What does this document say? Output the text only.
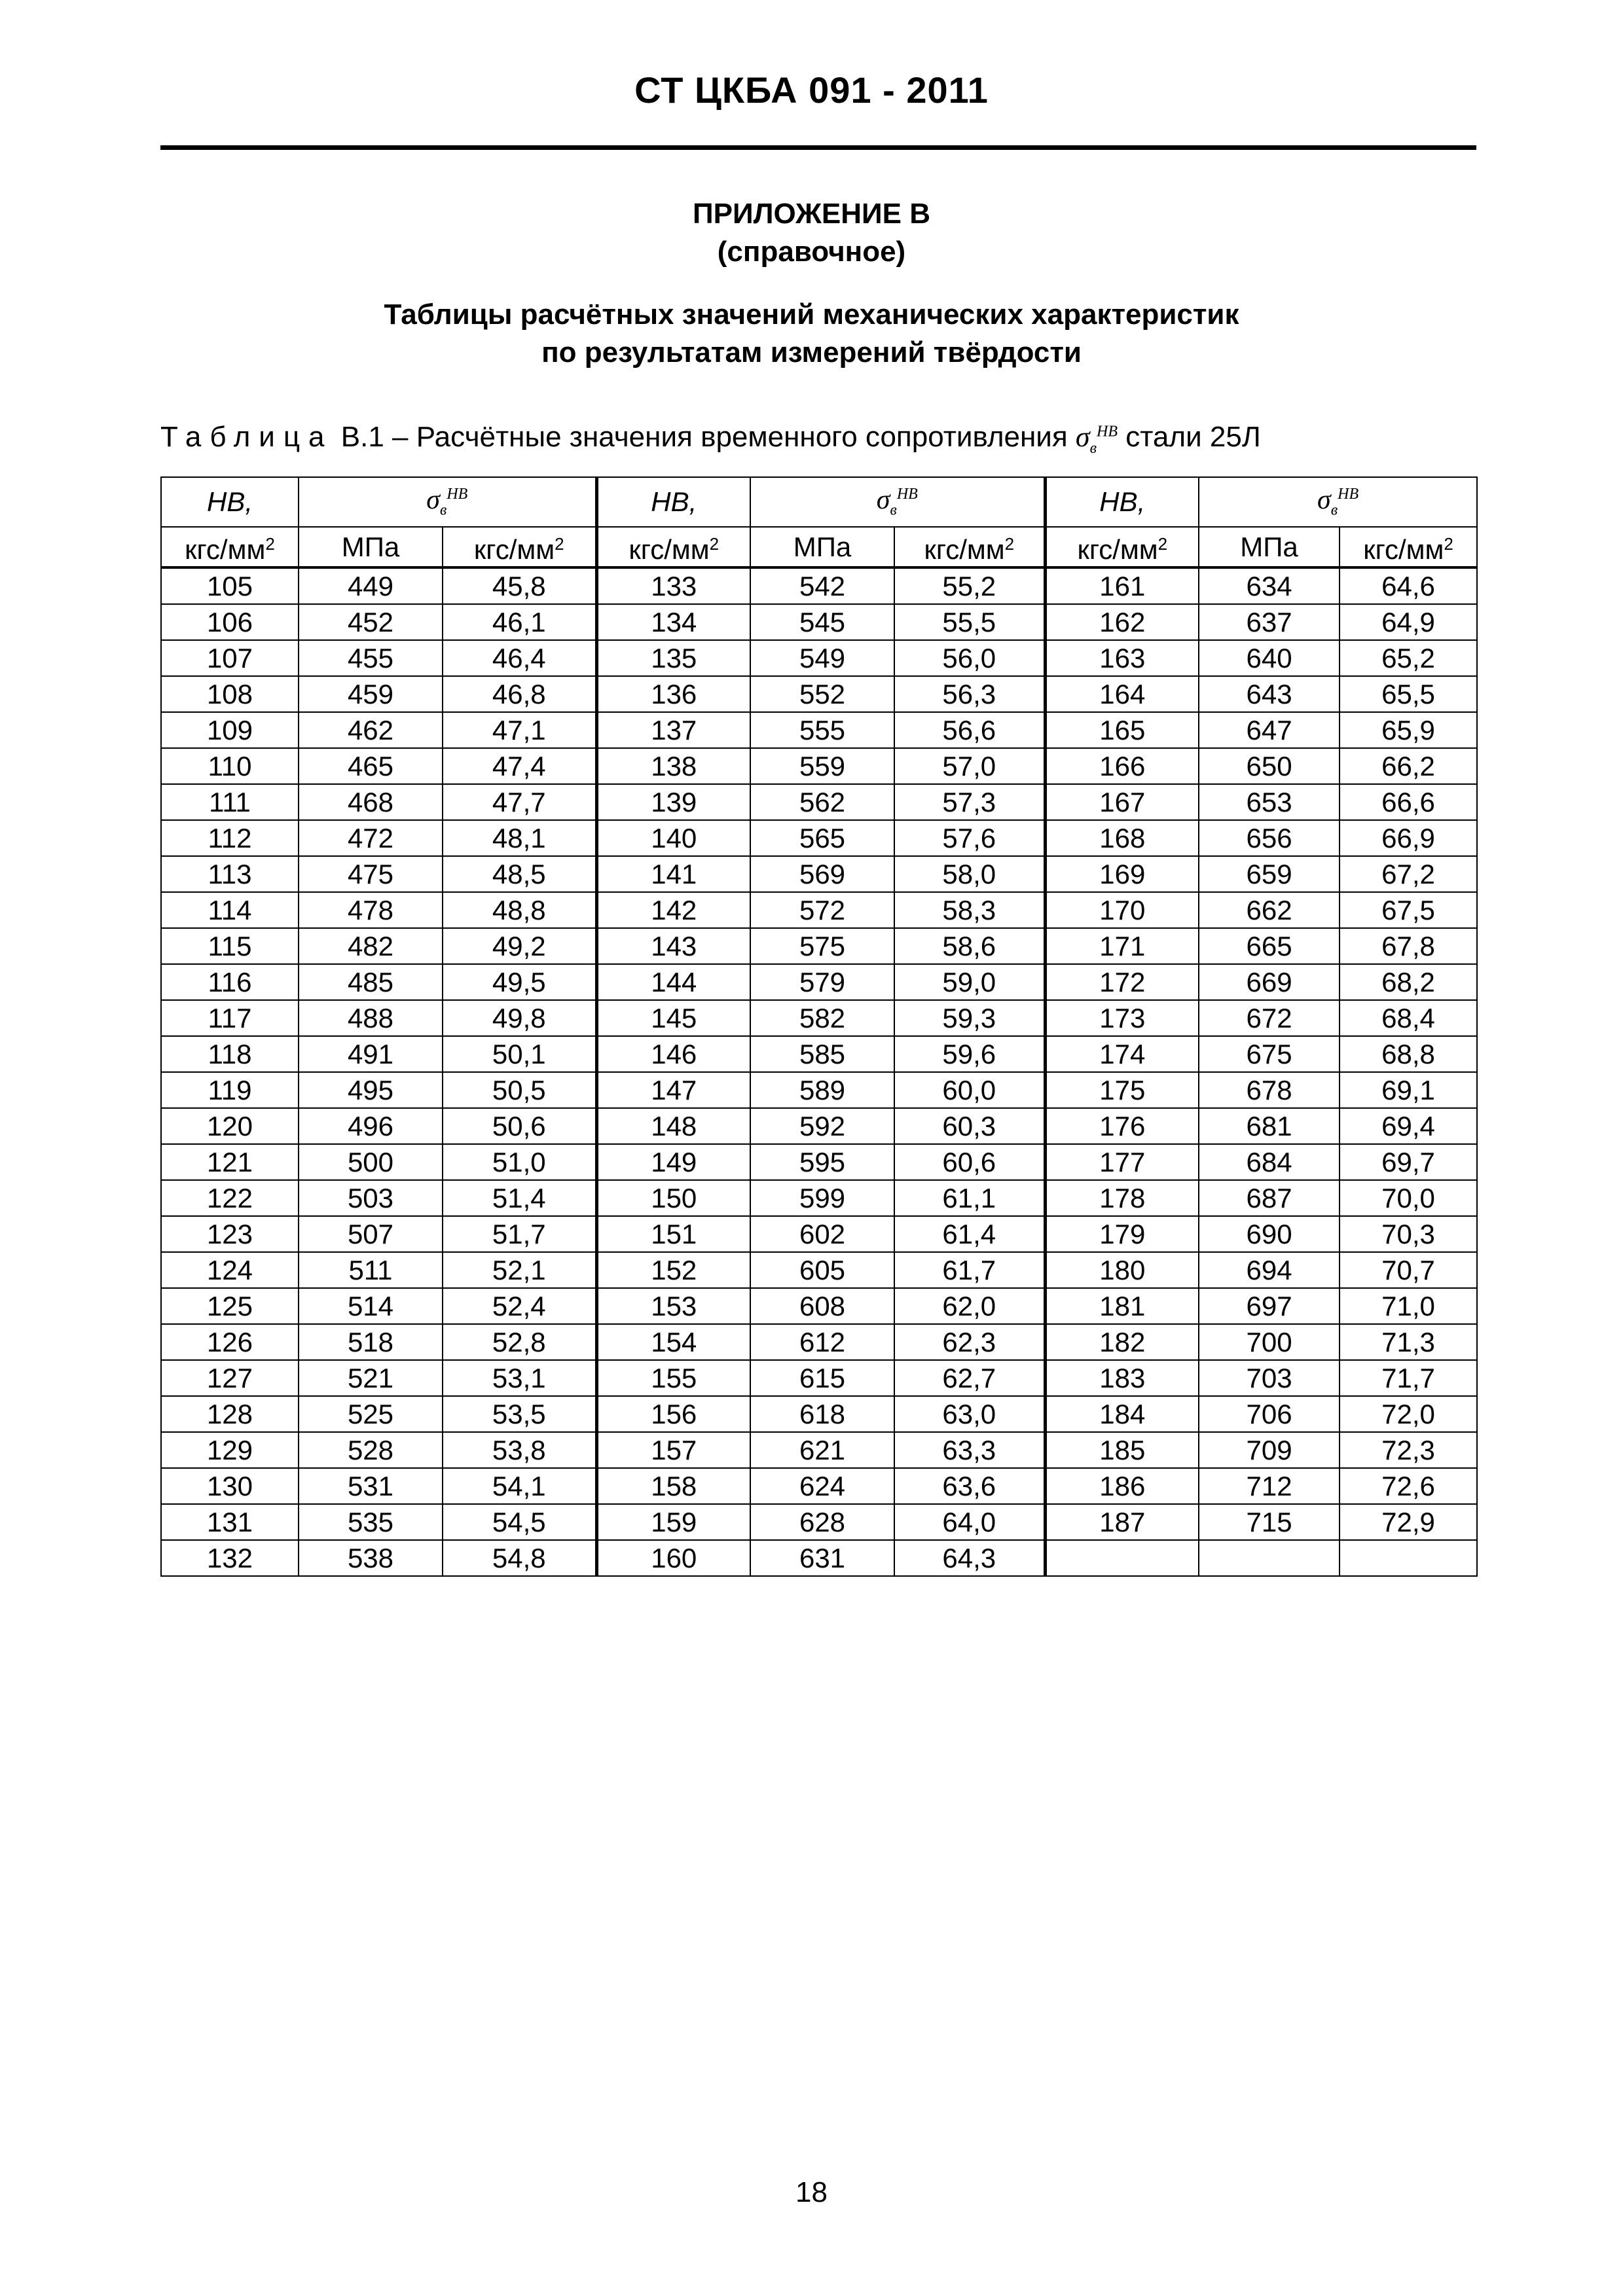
СТ ЦКБА 091 - 2011
ПРИЛОЖЕНИЕ В
(справочное)
Таблицы расчётных значений механических характеристик
по результатам измерений твёрдости
Таблица В.1 – Расчётные значения временного сопротивления $\sigma_в^{HB}$ стали 25Л
HB,	$\sigma_в^{HB}$		HB,	$\sigma_в^{HB}$		HB,	$\sigma_в^{HB}$
кгс/$мм^2$	МПа	кгс/$мм^2$	кгс/$мм^2$	МПа	кгс/$мм^2$	кгс/$мм^2$	МПа	кгс/$мм^2$
105	449	45,8	133	542	55,2	161	634	64,6
106	452	46,1	134	545	55,5	162	637	64,9
107	455	46,4	135	549	56,0	163	640	65,2
108	459	46,8	136	552	56,3	164	643	65,5
109	462	47,1	137	555	56,6	165	647	65,9
110	465	47,4	138	559	57,0	166	650	66,2
111	468	47,7	139	562	57,3	167	653	66,6
112	472	48,1	140	565	57,6	168	656	66,9
113	475	48,5	141	569	58,0	169	659	67,2
114	478	48,8	142	572	58,3	170	662	67,5
115	482	49,2	143	575	58,6	171	665	67,8
116	485	49,5	144	579	59,0	172	669	68,2
117	488	49,8	145	582	59,3	173	672	68,4
118	491	50,1	146	585	59,6	174	675	68,8
119	495	50,5	147	589	60,0	175	678	69,1
120	496	50,6	148	592	60,3	176	681	69,4
121	500	51,0	149	595	60,6	177	684	69,7
122	503	51,4	150	599	61,1	178	687	70,0
123	507	51,7	151	602	61,4	179	690	70,3
124	511	52,1	152	605	61,7	180	694	70,7
125	514	52,4	153	608	62,0	181	697	71,0
126	518	52,8	154	612	62,3	182	700	71,3
127	521	53,1	155	615	62,7	183	703	71,7
128	525	53,5	156	618	63,0	184	706	72,0
129	528	53,8	157	621	63,3	185	709	72,3
130	531	54,1	158	624	63,6	186	712	72,6
131	535	54,5	159	628	64,0	187	715	72,9
132	538	54,8	160	631	64,3			
18
